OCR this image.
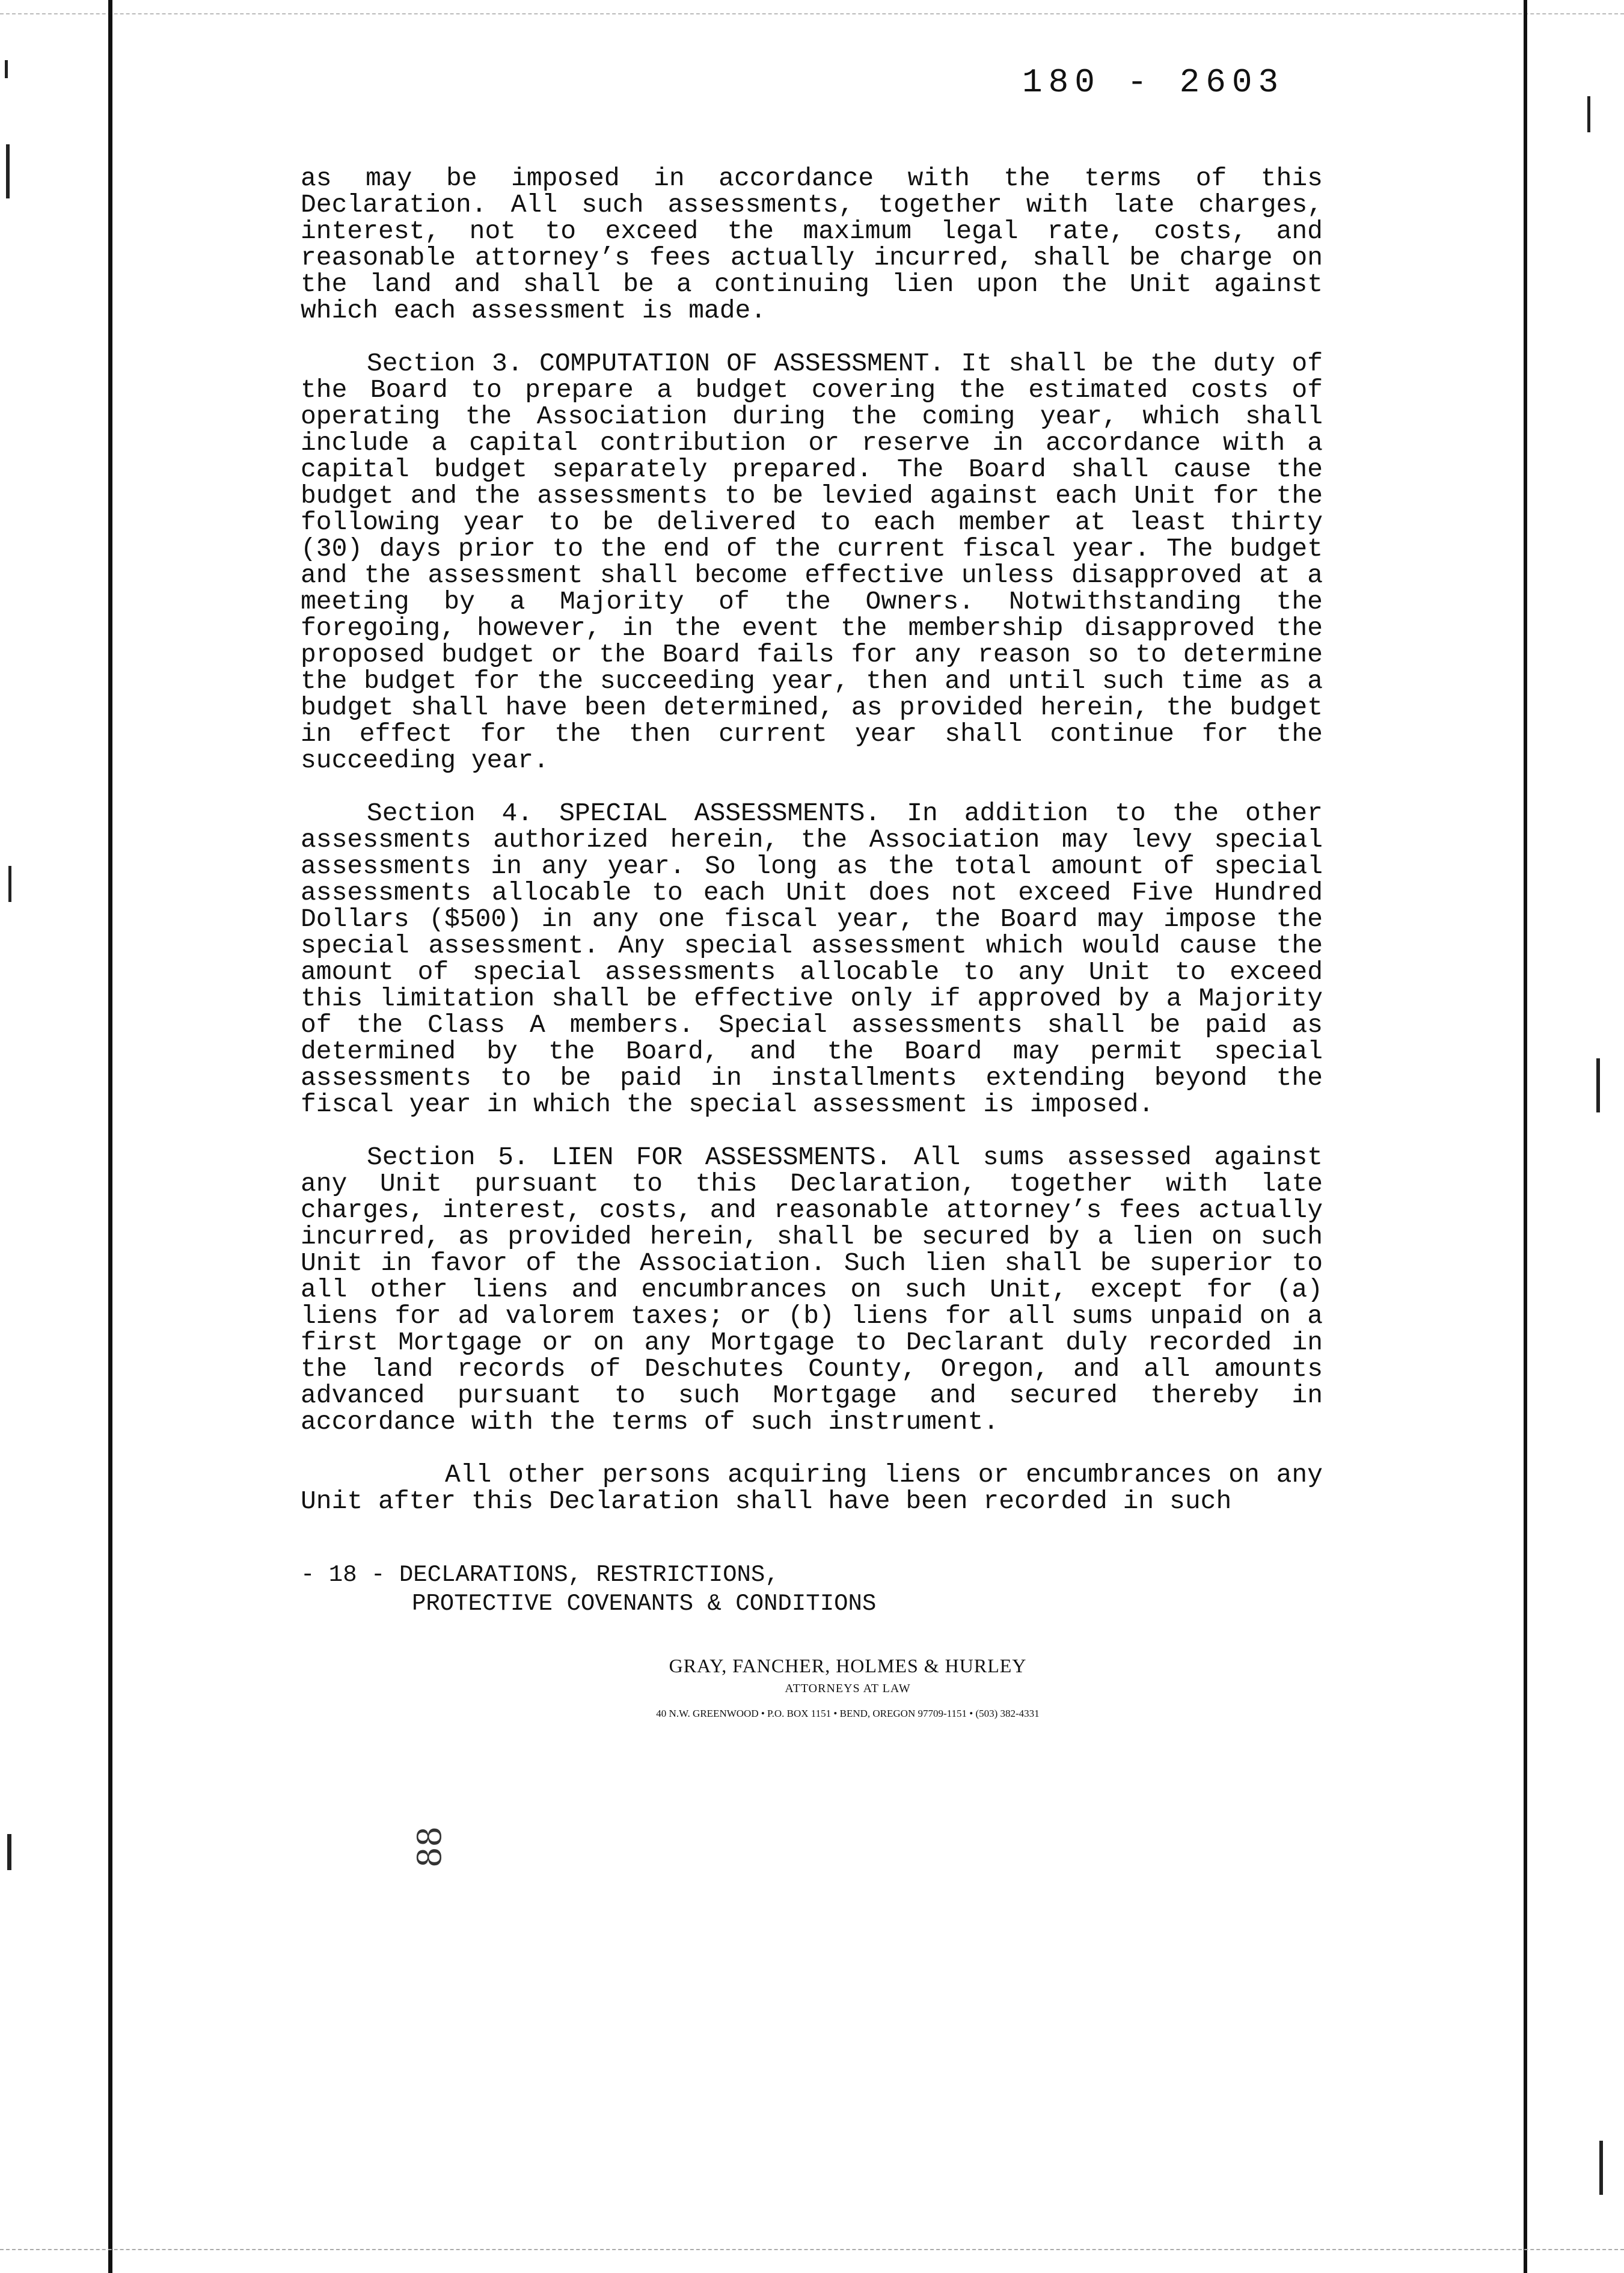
180 - 2603

as may be imposed in accordance with the terms of this Declaration. All such assessments, together with late charges, interest, not to exceed the maximum legal rate, costs, and reasonable attorney’s fees actually incurred, shall be charge on the land and shall be a continuing lien upon the Unit against which each assessment is made.

Section 3. COMPUTATION OF ASSESSMENT. It shall be the duty of the Board to prepare a budget covering the estimated costs of operating the Association during the coming year, which shall include a capital contribution or reserve in accordance with a capital budget separately prepared. The Board shall cause the budget and the assessments to be levied against each Unit for the following year to be delivered to each member at least thirty (30) days prior to the end of the current fiscal year. The budget and the assessment shall become effective unless disapproved at a meeting by a Majority of the Owners. Notwithstanding the foregoing, however, in the event the membership disapproved the proposed budget or the Board fails for any reason so to determine the budget for the succeeding year, then and until such time as a budget shall have been determined, as provided herein, the budget in effect for the then current year shall continue for the succeeding year.

Section 4. SPECIAL ASSESSMENTS. In addition to the other assessments authorized herein, the Association may levy special assessments in any year. So long as the total amount of special assessments allocable to each Unit does not exceed Five Hundred Dollars ($500) in any one fiscal year, the Board may impose the special assessment. Any special assessment which would cause the amount of special assessments allocable to any Unit to exceed this limitation shall be effective only if approved by a Majority of the Class A members. Special assessments shall be paid as determined by the Board, and the Board may permit special assessments to be paid in installments extending beyond the fiscal year in which the special assessment is imposed.

Section 5. LIEN FOR ASSESSMENTS. All sums assessed against any Unit pursuant to this Declaration, together with late charges, interest, costs, and reasonable attorney’s fees actually incurred, as provided herein, shall be secured by a lien on such Unit in favor of the Association. Such lien shall be superior to all other liens and encumbrances on such Unit, except for (a) liens for ad valorem taxes; or (b) liens for all sums unpaid on a first Mortgage or on any Mortgage to Declarant duly recorded in the land records of Deschutes County, Oregon, and all amounts advanced pursuant to such Mortgage and secured thereby in accordance with the terms of such instrument.

All other persons acquiring liens or encumbrances on any Unit after this Declaration shall have been recorded in such

- 18 - DECLARATIONS, RESTRICTIONS,
PROTECTIVE COVENANTS & CONDITIONS
GRAY, FANCHER, HOLMES & HURLEY
ATTORNEYS AT LAW
40 N.W. GREENWOOD • P.O. BOX 1151 • BEND, OREGON 97709-1151 • (503) 382-4331
88
